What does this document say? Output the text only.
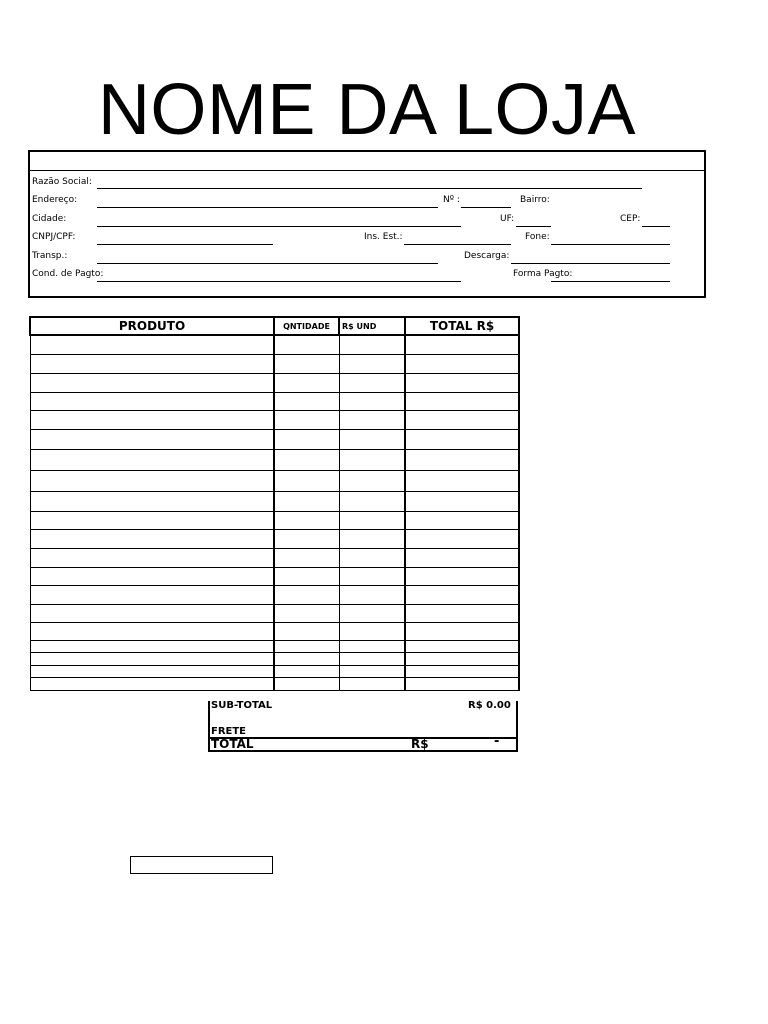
NOME DA LOJA
Razão Social:
Endereço:	Nº :	Bairro:
Cidade:	UF:	CEP:
CNPJ/CPF:	Ins. Est.:	Fone:
Transp.:	Descarga:
Cond. de Pagto:	Forma Pagto:
PRODUTO	QNTIDADE	R$ UND	TOTAL R$

SUB-TOTAL	R$ 0.00
FRETE
TOTAL	R$	-
